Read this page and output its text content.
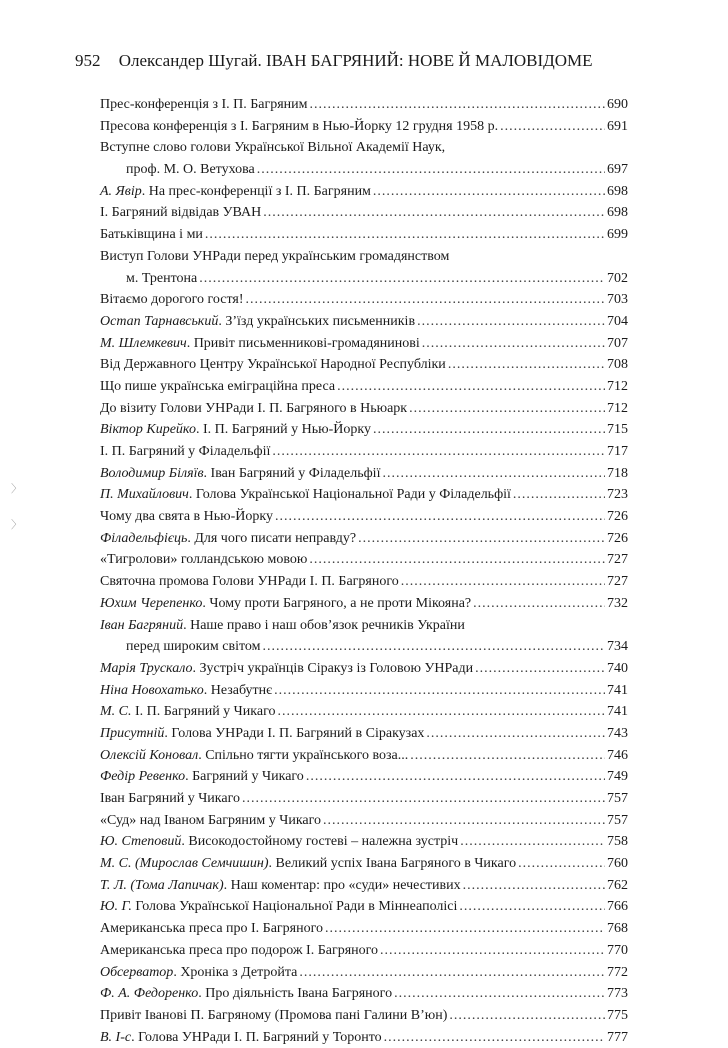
952 Олександер Шугай. ІВАН БАГРЯНИЙ: НОВЕ Й МАЛОВІДОМЕ
〉
〉
Прес-конференція з І. П. Багряним .....	690
Пресова конференція з І. Багряним в Нью-Йорку 12 грудня 1958 р. .....	691
Вступне слово голови Української Вільної Академії Наук,
проф. М. О. Ветухова .....	697
А. Явір. На прес-конференції з І. П. Багряним .....	698
І. Багряний відвідав УВАН .....	698
Батьківщина і ми .....	699
Виступ Голови УНРади перед українським громадянством
м. Трентона .....	702
Вітаємо дорогого гостя! .....	703
Остап Тарнавський. З’їзд українських письменників .....	704
М. Шлемкевич. Привіт письменникові-громадянинові .....	707
Від Державного Центру Української Народної Республіки .....	708
Що пише українська еміграційна преса .....	712
До візиту Голови УНРади І. П. Багряного в Ньюарк .....	712
Віктор Кирейко. І. П. Багряний у Нью-Йорку .....	715
І. П. Багряний у Філадельфії .....	717
Володимир Біляїв. Іван Багряний у Філадельфії .....	718
П. Михайлович. Голова Української Національної Ради у Філадельфії .....	723
Чому два свята в Нью-Йорку .....	726
Філадельфієць. Для чого писати неправду? .....	726
«Тигролови» голландською мовою .....	727
Святочна промова Голови УНРади І. П. Багряного .....	727
Юхим Черепенко. Чому проти Багряного, а не проти Мікояна? .....	732
Іван Багряний. Наше право і наш обов’язок речників України
перед широким світом .....	734
Марія Трускало. Зустріч українців Сіракуз із Головою УНРади .....	740
Ніна Новохатько. Незабутнє .....	741
М. С. І. П. Багряний у Чикаго .....	741
Присутній. Голова УНРади І. П. Багряний в Сіракузах .....	743
Олексій Коновал. Спільно тягти українського воза... .....	746
Федір Ревенко. Багряний у Чикаго .....	749
Іван Багряний у Чикаго .....	757
«Суд» над Іваном Багряним у Чикаго .....	757
Ю. Степовий. Високодостойному гостеві – належна зустріч .....	758
М. С. (Мирослав Семчишин). Великий успіх Івана Багряного в Чикаго .....	760
Т. Л. (Тома Лапичак). Наш коментар: про «суди» нечестивих .....	762
Ю. Г. Голова Української Національної Ради в Міннеаполісі .....	766
Американська преса про І. Багряного .....	768
Американська преса про подорож І. Багряного .....	770
Обсерватор. Хроніка з Детройта .....	772
Ф. А. Федоренко. Про діяльність Івана Багряного .....	773
Привіт Іванові П. Багряному (Промова пані Галини В’юн) .....	775
В. І-с. Голова УНРади І. П. Багряний у Торонто .....	777
